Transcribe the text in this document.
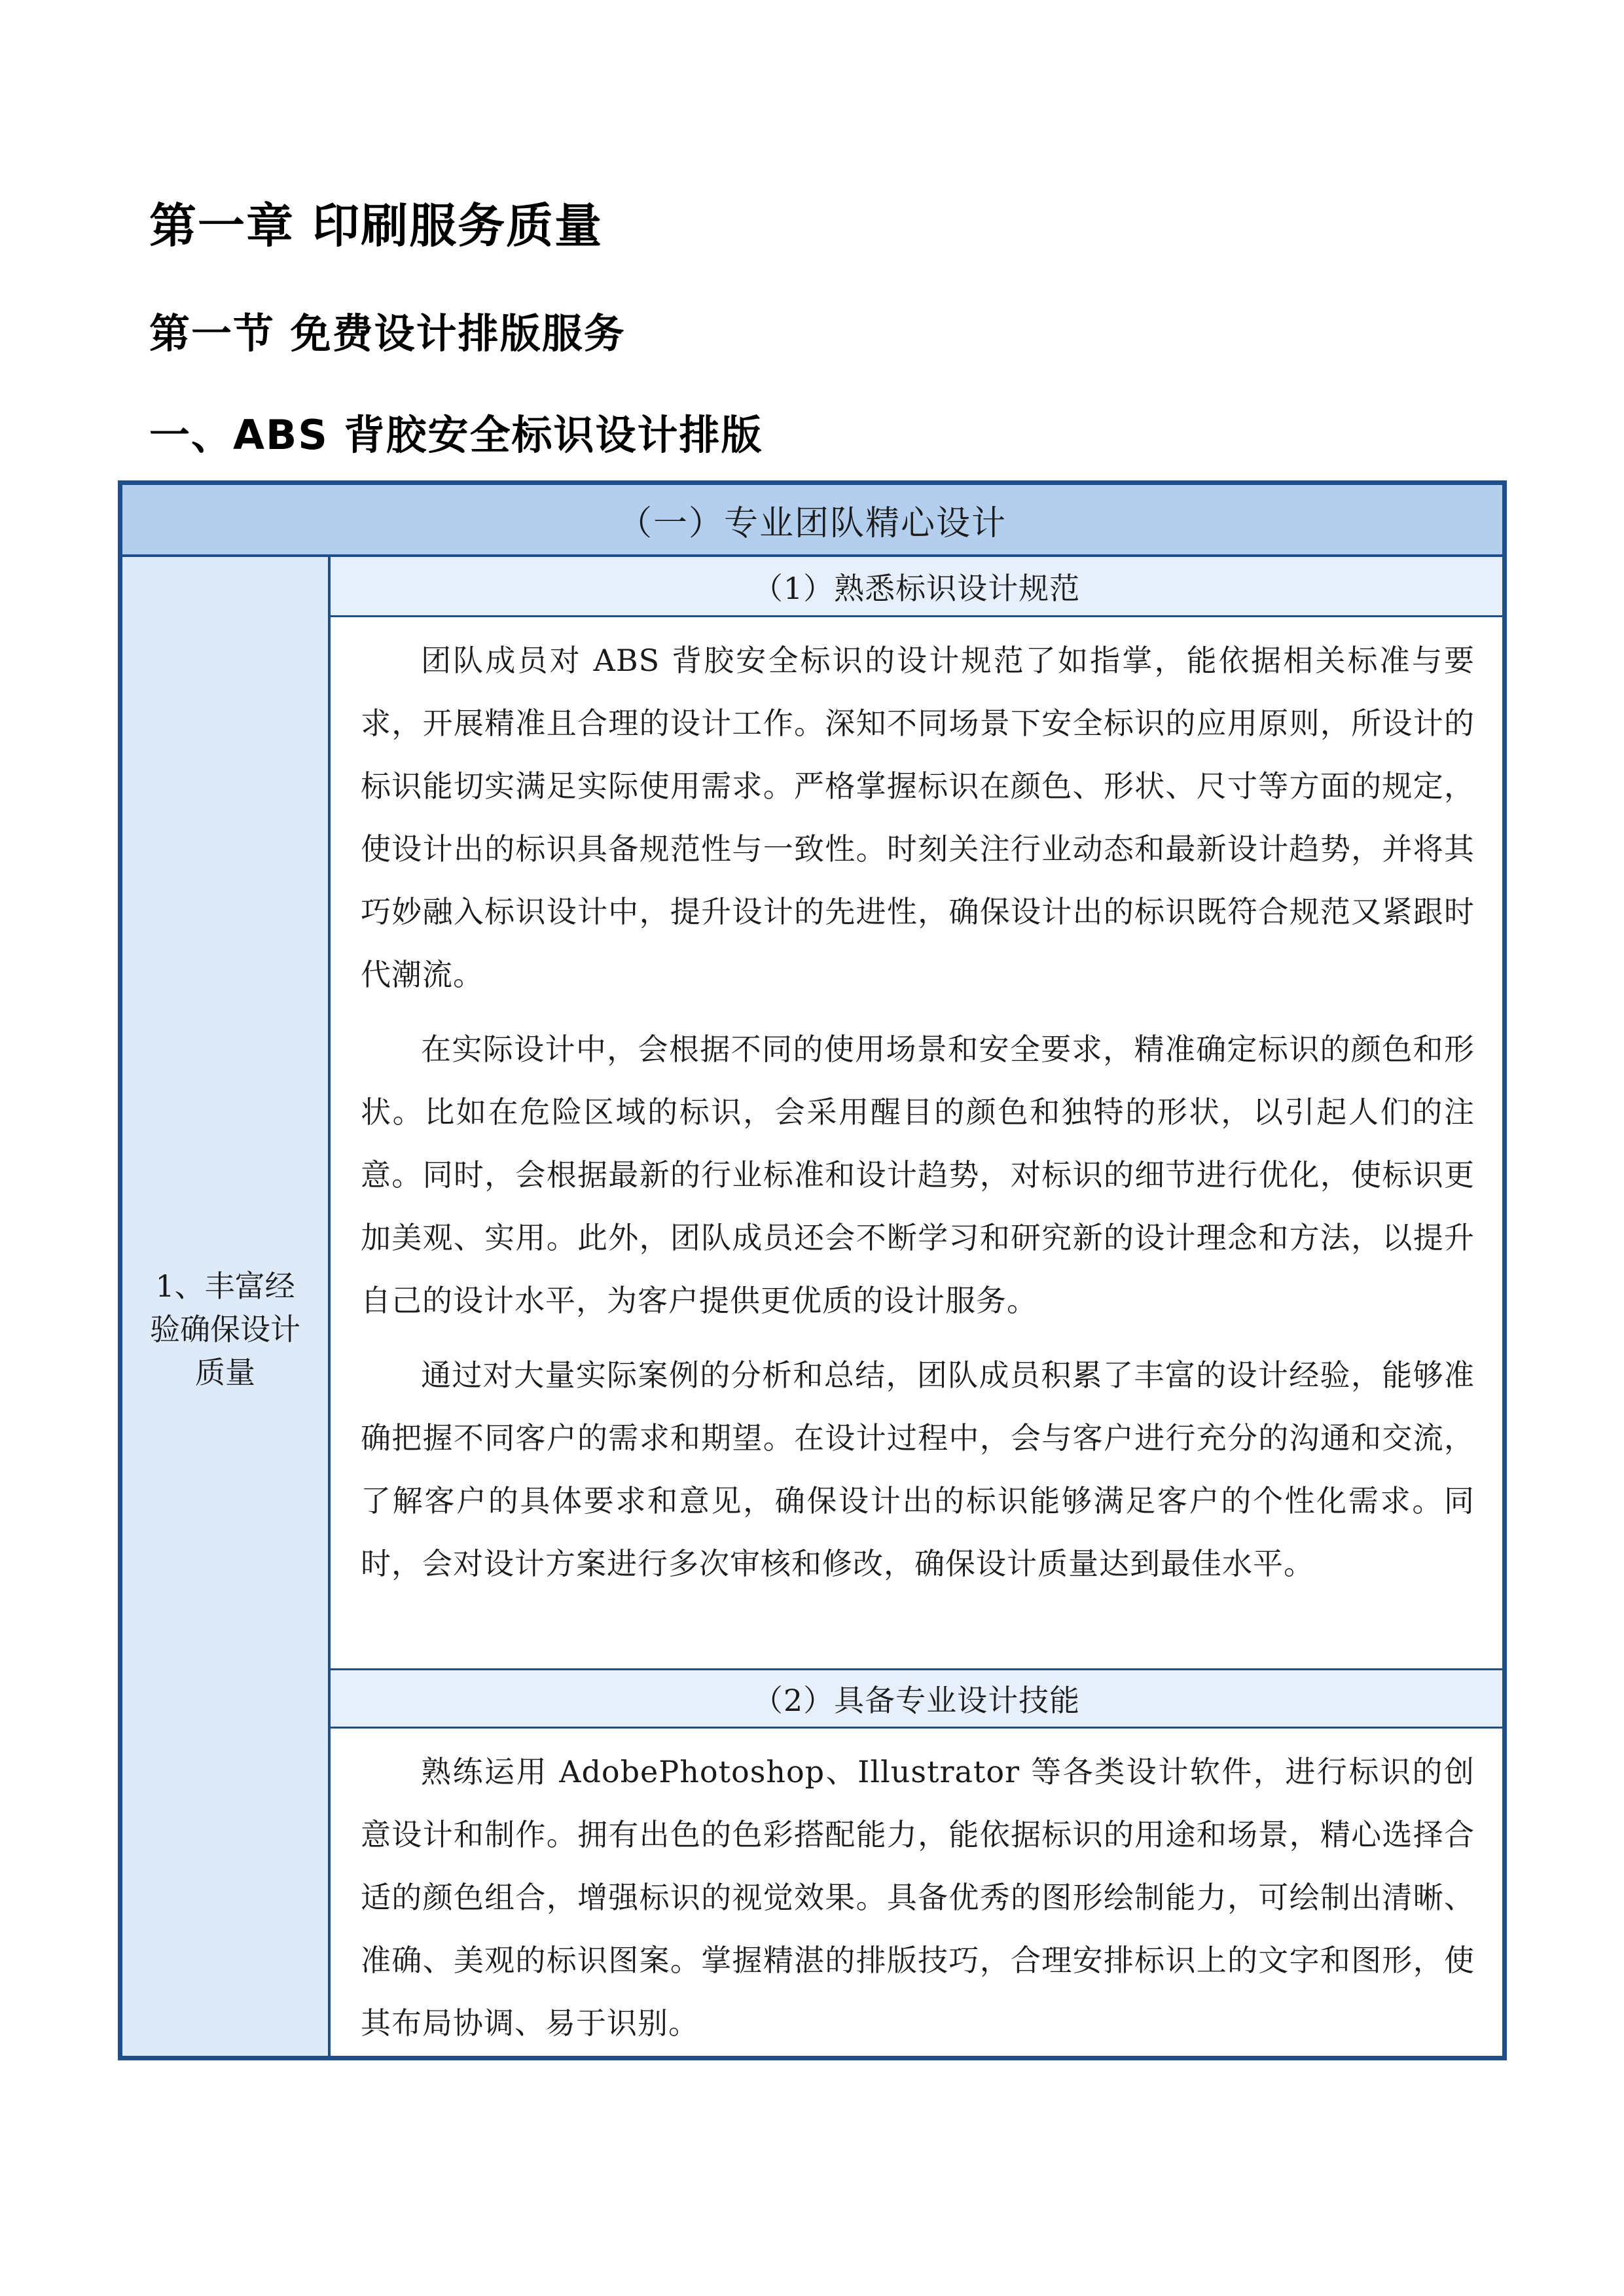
第一章 印刷服务质量
第一节 免费设计排版服务
一、ABS 背胶安全标识设计排版
（一）专业团队精心设计
1、丰富经验确保设计质量
（1）熟悉标识设计规范

团队成员对 ABS 背胶安全标识的设计规范了如指掌，能依据相关标准与要求，开展精准且合理的设计工作。深知不同场景下安全标识的应用原则，所设计的标识能切实满足实际使用需求。严格掌握标识在颜色、形状、尺寸等方面的规定，使设计出的标识具备规范性与一致性。时刻关注行业动态和最新设计趋势，并将其巧妙融入标识设计中，提升设计的先进性，确保设计出的标识既符合规范又紧跟时代潮流。

在实际设计中，会根据不同的使用场景和安全要求，精准确定标识的颜色和形状。比如在危险区域的标识，会采用醒目的颜色和独特的形状，以引起人们的注意。同时，会根据最新的行业标准和设计趋势，对标识的细节进行优化，使标识更加美观、实用。此外，团队成员还会不断学习和研究新的设计理念和方法，以提升自己的设计水平，为客户提供更优质的设计服务。

通过对大量实际案例的分析和总结，团队成员积累了丰富的设计经验，能够准确把握不同客户的需求和期望。在设计过程中，会与客户进行充分的沟通和交流，了解客户的具体要求和意见，确保设计出的标识能够满足客户的个性化需求。同时，会对设计方案进行多次审核和修改，确保设计质量达到最佳水平。

（2）具备专业设计技能

熟练运用 AdobePhotoshop、Illustrator 等各类设计软件，进行标识的创意设计和制作。拥有出色的色彩搭配能力，能依据标识的用途和场景，精心选择合适的颜色组合，增强标识的视觉效果。具备优秀的图形绘制能力，可绘制出清晰、准确、美观的标识图案。掌握精湛的排版技巧，合理安排标识上的文字和图形，使其布局协调、易于识别。
